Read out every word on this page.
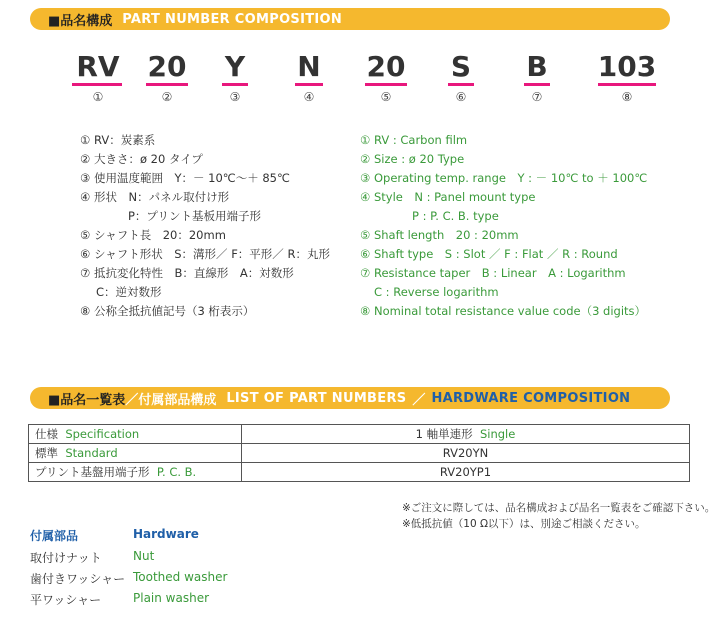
■品名構成 PART NUMBER COMPOSITION
RV 20 Y N 20 S B 103
①	②	③	④	⑤	⑥	⑦	⑧
① RV：炭素系
② 大きさ：ø 20 タイプ
③ 使用温度範囲　Y：－ 10℃～＋ 85℃
④ 形状　N：パネル取付け形
P：プリント基板用端子形
⑤ シャフト長　20：20mm
⑥ シャフト形状　S：溝形／ F：平形／ R：丸形
⑦ 抵抗変化特性　B：直線形　A：対数形
C：逆対数形
⑧ 公称全抵抗値記号（3 桁表示）
① RV : Carbon film
② Size : ø 20 Type
③ Operating temp. range　Y : － 10℃ to ＋ 100℃
④ Style　N : Panel mount type
P : P. C. B. type
⑤ Shaft length　20 : 20mm
⑥ Shaft type　S : Slot ／ F : Flat ／ R : Round
⑦ Resistance taper　B : Linear　A : Logarithm
C : Reverse logarithm
⑧ Nominal total resistance value code（3 digits）
■品名一覧表 ／ 付属部品構成 LIST OF PART NUMBERS ／ HARDWARE COMPOSITION
仕様 Specification	1 軸単連形 Single
標準 Standard	RV20YN
プリント基盤用端子形 P. C. B.	RV20YP1
※ご注文に際しては、品名構成および品名一覧表をご確認下さい。
※低抵抗値（10 Ω以下）は、別途ご相談ください。
付属部品	Hardware
取付けナット	Nut
歯付きワッシャー Toothed washer
平ワッシャー	Plain washer
